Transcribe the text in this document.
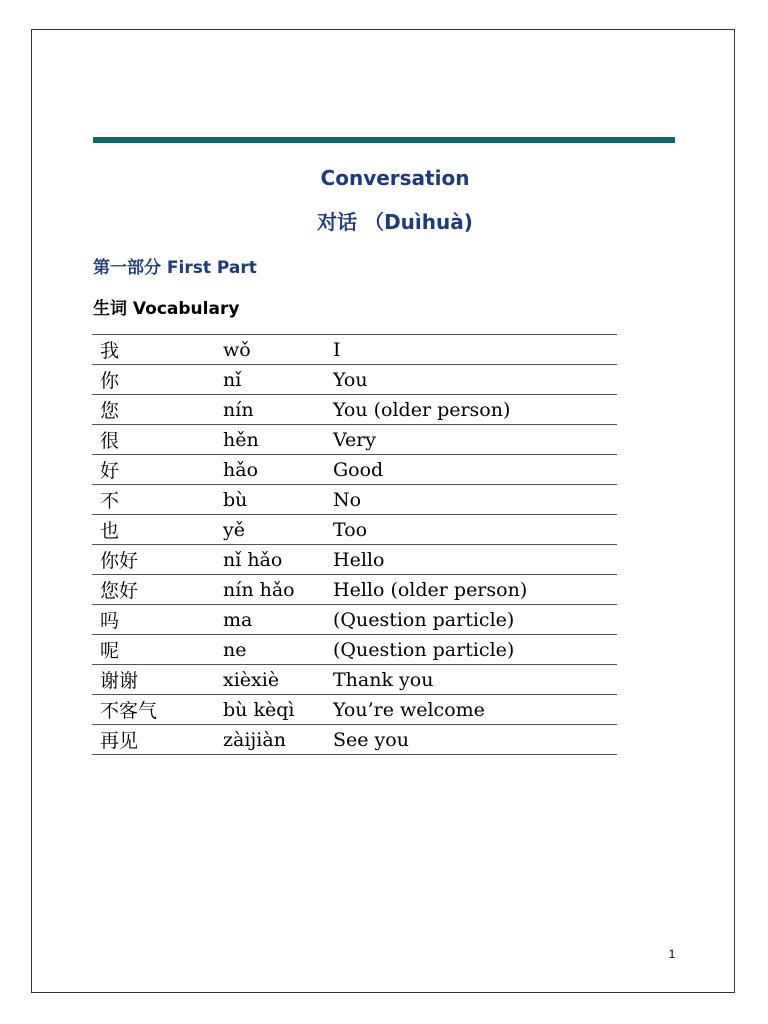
Conversation
对话 （Duìhuà)
第一部分 First Part
生词 Vocabulary
我	wǒ	I
你	nǐ	You
您	nín	You (older person)
很	hěn	Very
好	hǎo	Good
不	bù	No
也	yě	Too
你好	nǐ hǎo	Hello
您好	nín hǎo	Hello (older person)
吗	ma	(Question particle)
呢	ne	(Question particle)
谢谢	xièxiè	Thank you
不客气	bù kèqì	You’re welcome
再见	zàijiàn	See you
1
